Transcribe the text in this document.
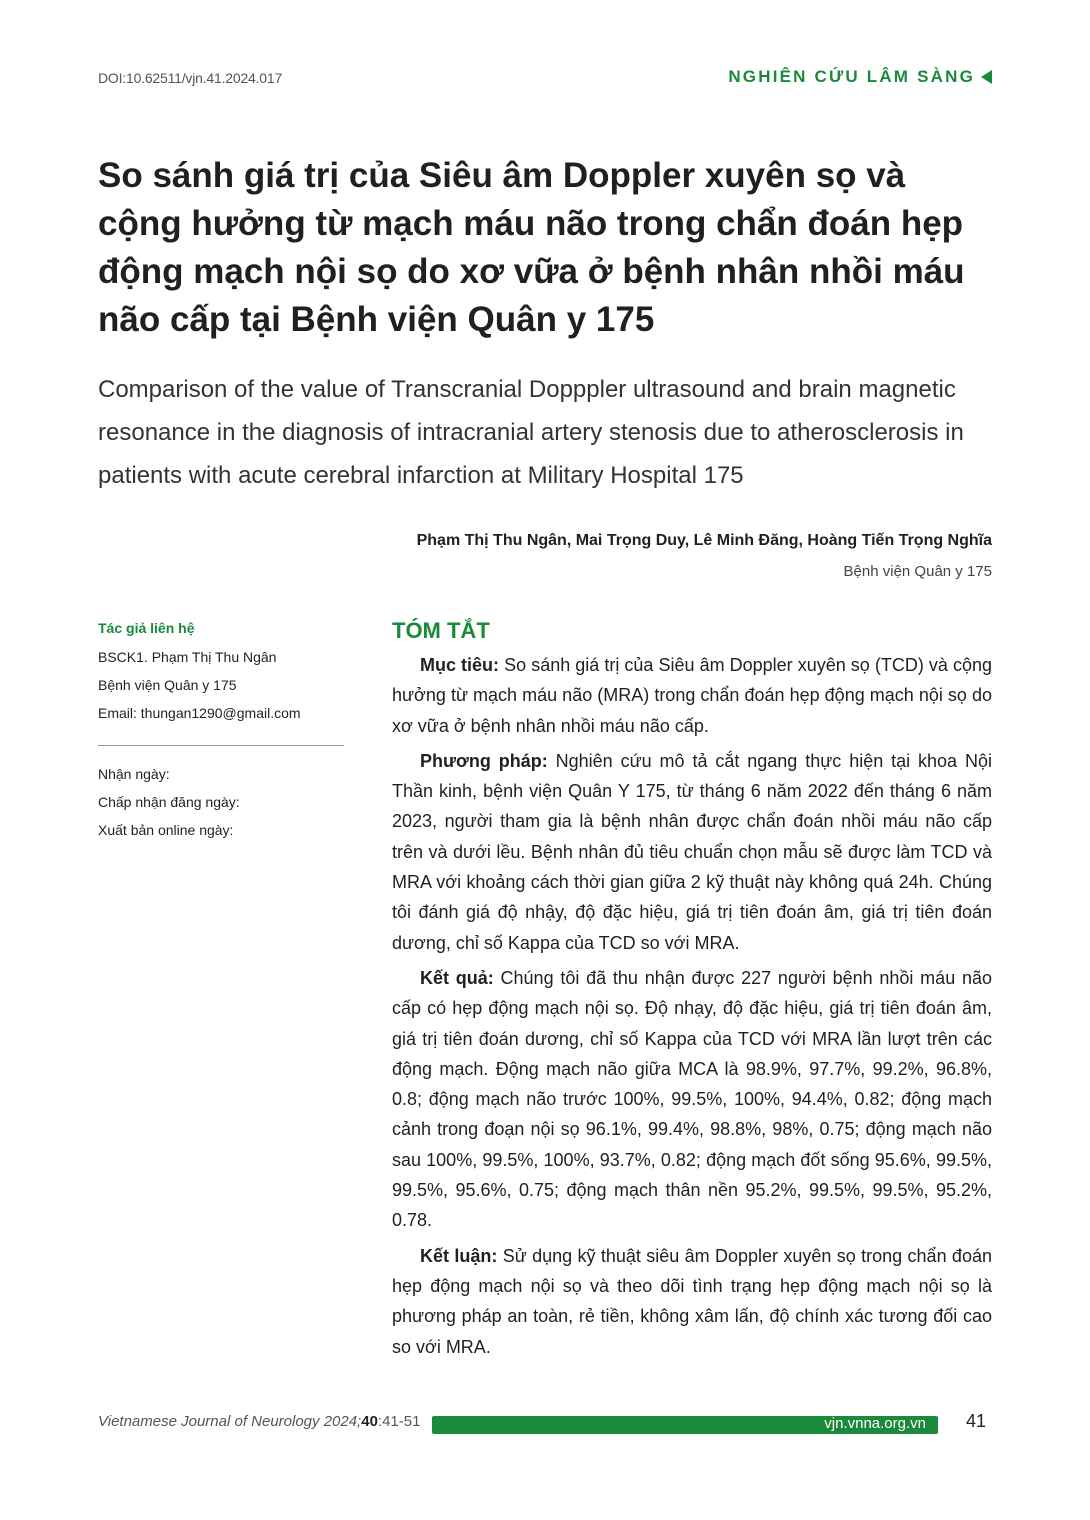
DOI:10.62511/vjn.41.2024.017	NGHIÊN CỨU LÂM SÀNG
So sánh giá trị của Siêu âm Doppler xuyên sọ và cộng hưởng từ mạch máu não trong chẩn đoán hẹp động mạch nội sọ do xơ vữa ở bệnh nhân nhồi máu não cấp tại Bệnh viện Quân y 175
Comparison of the value of Transcranial Dopppler ultrasound and brain magnetic resonance in the diagnosis of intracranial artery stenosis due to atherosclerosis in patients with acute cerebral infarction at Military Hospital 175
Phạm Thị Thu Ngân, Mai Trọng Duy, Lê Minh Đăng, Hoàng Tiến Trọng Nghĩa
Bệnh viện Quân y 175
Tác giả liên hệ
BSCK1. Phạm Thị Thu Ngân
Bệnh viện Quân y 175
Email: thungan1290@gmail.com
Nhận ngày:
Chấp nhận đăng ngày:
Xuất bản online ngày:
TÓM TẮT

Mục tiêu: So sánh giá trị của Siêu âm Doppler xuyên sọ (TCD) và cộng hưởng từ mạch máu não (MRA) trong chẩn đoán hẹp động mạch nội sọ do xơ vữa ở bệnh nhân nhồi máu não cấp.

Phương pháp: Nghiên cứu mô tả cắt ngang thực hiện tại khoa Nội Thần kinh, bệnh viện Quân Y 175, từ tháng 6 năm 2022 đến tháng 6 năm 2023, người tham gia là bệnh nhân được chẩn đoán nhồi máu não cấp trên và dưới lều. Bệnh nhân đủ tiêu chuẩn chọn mẫu sẽ được làm TCD và MRA với khoảng cách thời gian giữa 2 kỹ thuật này không quá 24h. Chúng tôi đánh giá độ nhậy, độ đặc hiệu, giá trị tiên đoán âm, giá trị tiên đoán dương, chỉ số Kappa của TCD so với MRA.

Kết quả: Chúng tôi đã thu nhận được 227 người bệnh nhồi máu não cấp có hẹp động mạch nội sọ. Độ nhạy, độ đặc hiệu, giá trị tiên đoán âm, giá trị tiên đoán dương, chỉ số Kappa của TCD với MRA lần lượt trên các động mạch. Động mạch não giữa MCA là 98.9%, 97.7%, 99.2%, 96.8%, 0.8; động mạch não trước 100%, 99.5%, 100%, 94.4%, 0.82; động mạch cảnh trong đoạn nội sọ 96.1%, 99.4%, 98.8%, 98%, 0.75; động mạch não sau 100%, 99.5%, 100%, 93.7%, 0.82; động mạch đốt sống 95.6%, 99.5%, 99.5%, 95.6%, 0.75; động mạch thân nền 95.2%, 99.5%, 99.5%, 95.2%, 0.78.

Kết luận: Sử dụng kỹ thuật siêu âm Doppler xuyên sọ trong chẩn đoán hẹp động mạch nội sọ và theo dõi tình trạng hẹp động mạch nội sọ là phương pháp an toàn, rẻ tiền, không xâm lấn, độ chính xác tương đối cao so với MRA.

Vietnamese Journal of Neurology 2024;40:41-51	vjn.vnna.org.vn 41
